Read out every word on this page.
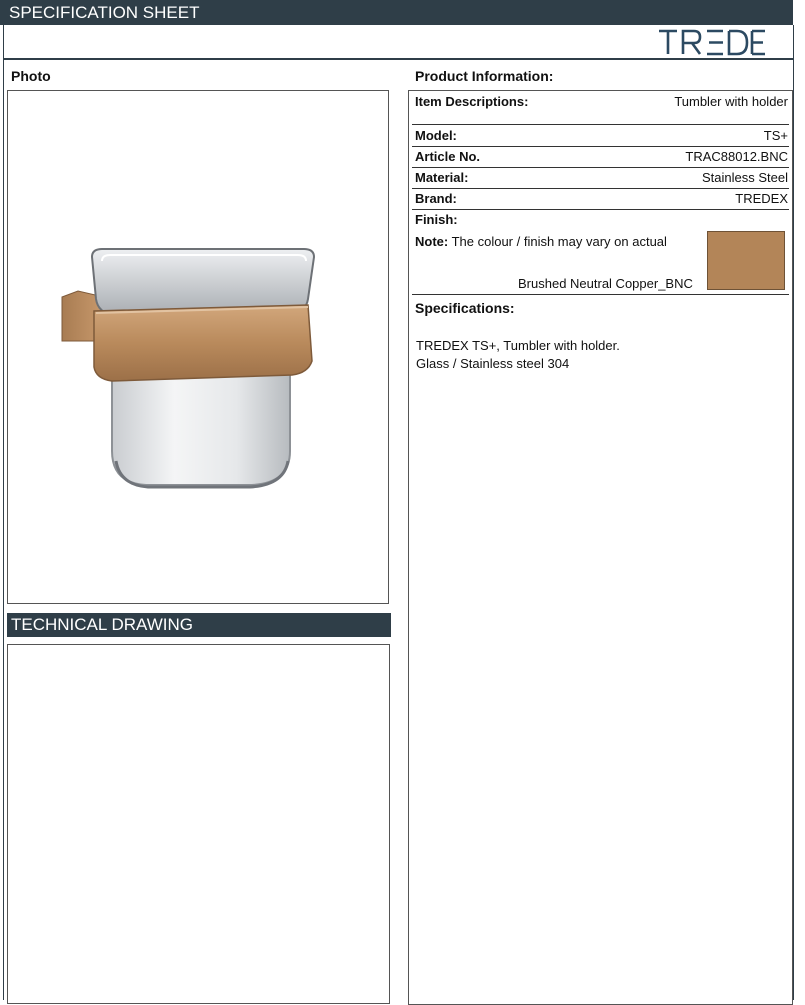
SPECIFICATION SHEET
TREDEX
Photo	Product Information:
TECHNICAL DRAWING
Item Descriptions:	Tumbler with holder
Model:	TS+
Article No.	TRAC88012.BNC
Material:	Stainless Steel
Brand:	TREDEX
Finish:
Note: The colour / finish may vary on actual
Brushed Neutral Copper_BNC
Specifications:
TREDEX TS+, Tumbler with holder.
Glass / Stainless steel 304
